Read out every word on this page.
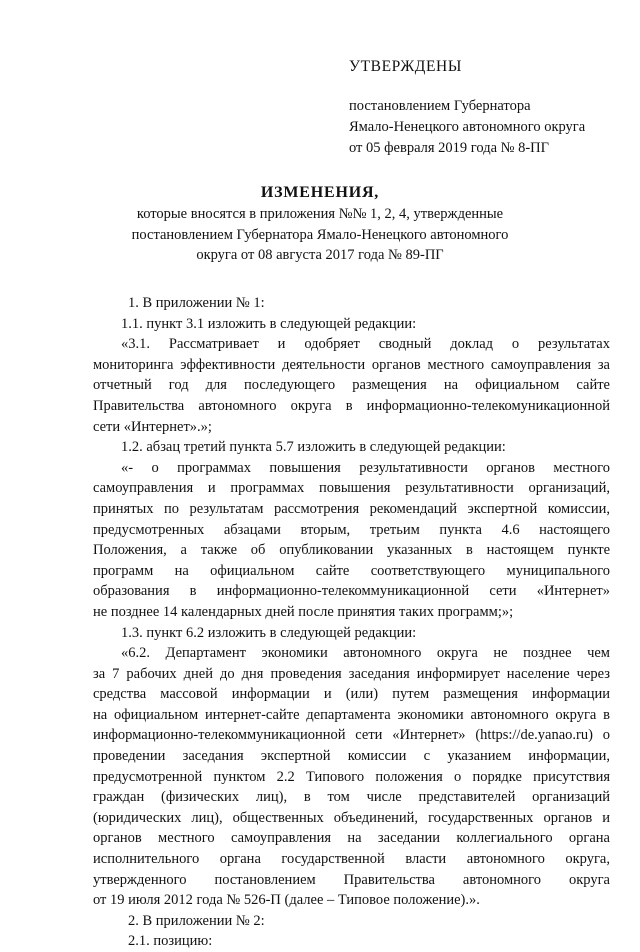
УТВЕРЖДЕНЫ
постановлением Губернатора
Ямало-Ненецкого автономного округа
от 05 февраля 2019 года № 8-ПГ
ИЗМЕНЕНИЯ,
которые вносятся в приложения №№ 1, 2, 4, утвержденные
постановлением Губернатора Ямало-Ненецкого автономного
округа от 08 августа 2017 года № 89-ПГ
1. В приложении № 1:
1.1. пункт 3.1 изложить в следующей редакции:
«3.1. Рассматривает и одобряет сводный доклад о результатах
мониторинга эффективности деятельности органов местного самоуправления за
отчетный год для последующего размещения на официальном сайте
Правительства автономного округа в информационно-телекомуникационной
сети «Интернет».»;
1.2. абзац третий пункта 5.7 изложить в следующей редакции:
«- о программах повышения результативности органов местного
самоуправления и программах повышения результативности организаций,
принятых по результатам рассмотрения рекомендаций экспертной комиссии,
предусмотренных абзацами вторым, третьим пункта 4.6 настоящего
Положения, а также об опубликовании указанных в настоящем пункте
программ на официальном сайте соответствующего муниципального
образования в информационно-телекоммуникационной сети «Интернет»
не позднее 14 календарных дней после принятия таких программ;»;
1.3. пункт 6.2 изложить в следующей редакции:
«6.2. Департамент экономики автономного округа не позднее чем
за 7 рабочих дней до дня проведения заседания информирует население через
средства массовой информации и (или) путем размещения информации
на официальном интернет-сайте департамента экономики автономного округа в
информационно-телекоммуникационной сети «Интернет» (https://de.yanao.ru) о
проведении заседания экспертной комиссии с указанием информации,
предусмотренной пунктом 2.2 Типового положения о порядке присутствия
граждан (физических лиц), в том числе представителей организаций
(юридических лиц), общественных объединений, государственных органов и
органов местного самоуправления на заседании коллегиального органа
исполнительного органа государственной власти автономного округа,
утвержденного постановлением Правительства автономного округа
от 19 июля 2012 года № 526-П (далее – Типовое положение).».
2. В приложении № 2:
2.1. позицию:
